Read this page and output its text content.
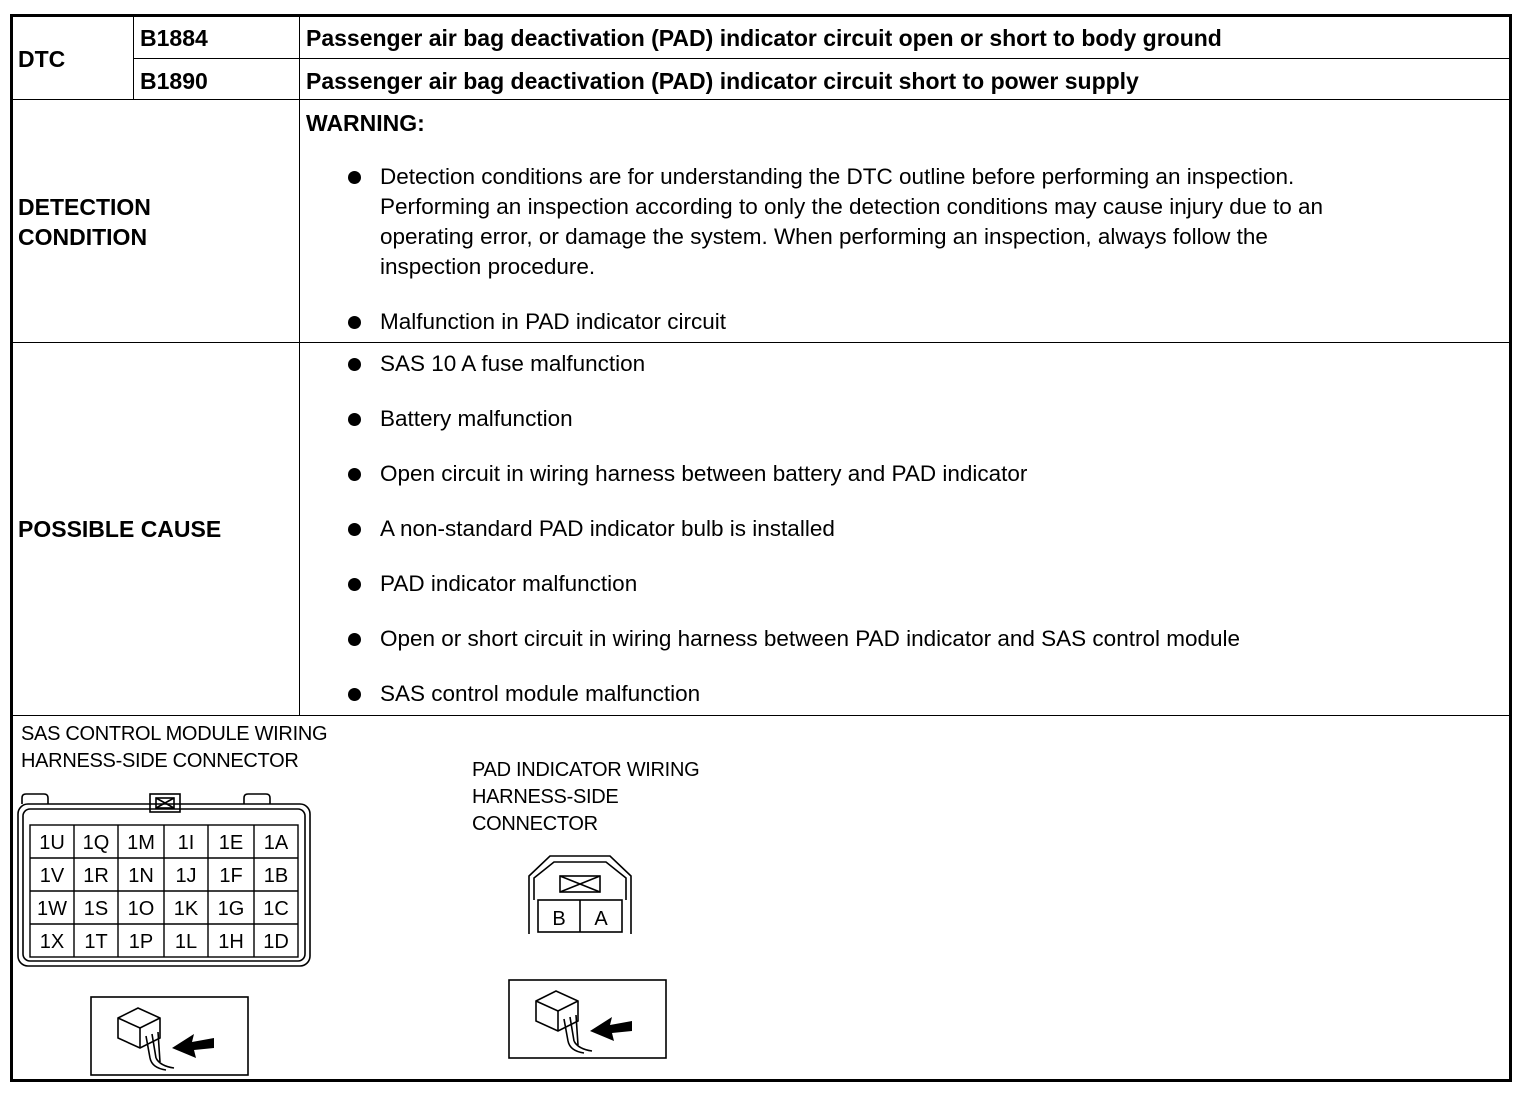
DTC
B1884	Passenger air bag deactivation (PAD) indicator circuit open or short to body ground
B1890	Passenger air bag deactivation (PAD) indicator circuit short to power supply
DETECTION
CONDITION
WARNING:
Detection conditions are for understanding the DTC outline before performing an inspection.
Performing an inspection according to only the detection conditions may cause injury due to an
operating error, or damage the system. When performing an inspection, always follow the
inspection procedure.
Malfunction in PAD indicator circuit
POSSIBLE CAUSE
SAS 10 A fuse malfunction
Battery malfunction
Open circuit in wiring harness between battery and PAD indicator
A non-standard PAD indicator bulb is installed
PAD indicator malfunction
Open or short circuit in wiring harness between PAD indicator and SAS control module
SAS control module malfunction
SAS CONTROL MODULE WIRING
HARNESS-SIDE CONNECTOR	PAD INDICATOR WIRING
HARNESS-SIDE
CONNECTOR
1U 1Q 1M 1I 1E 1A
1V 1R 1N 1J 1F 1B
1W 1S 1O 1K 1G 1C
1X 1T 1P 1L 1H 1D
B A
